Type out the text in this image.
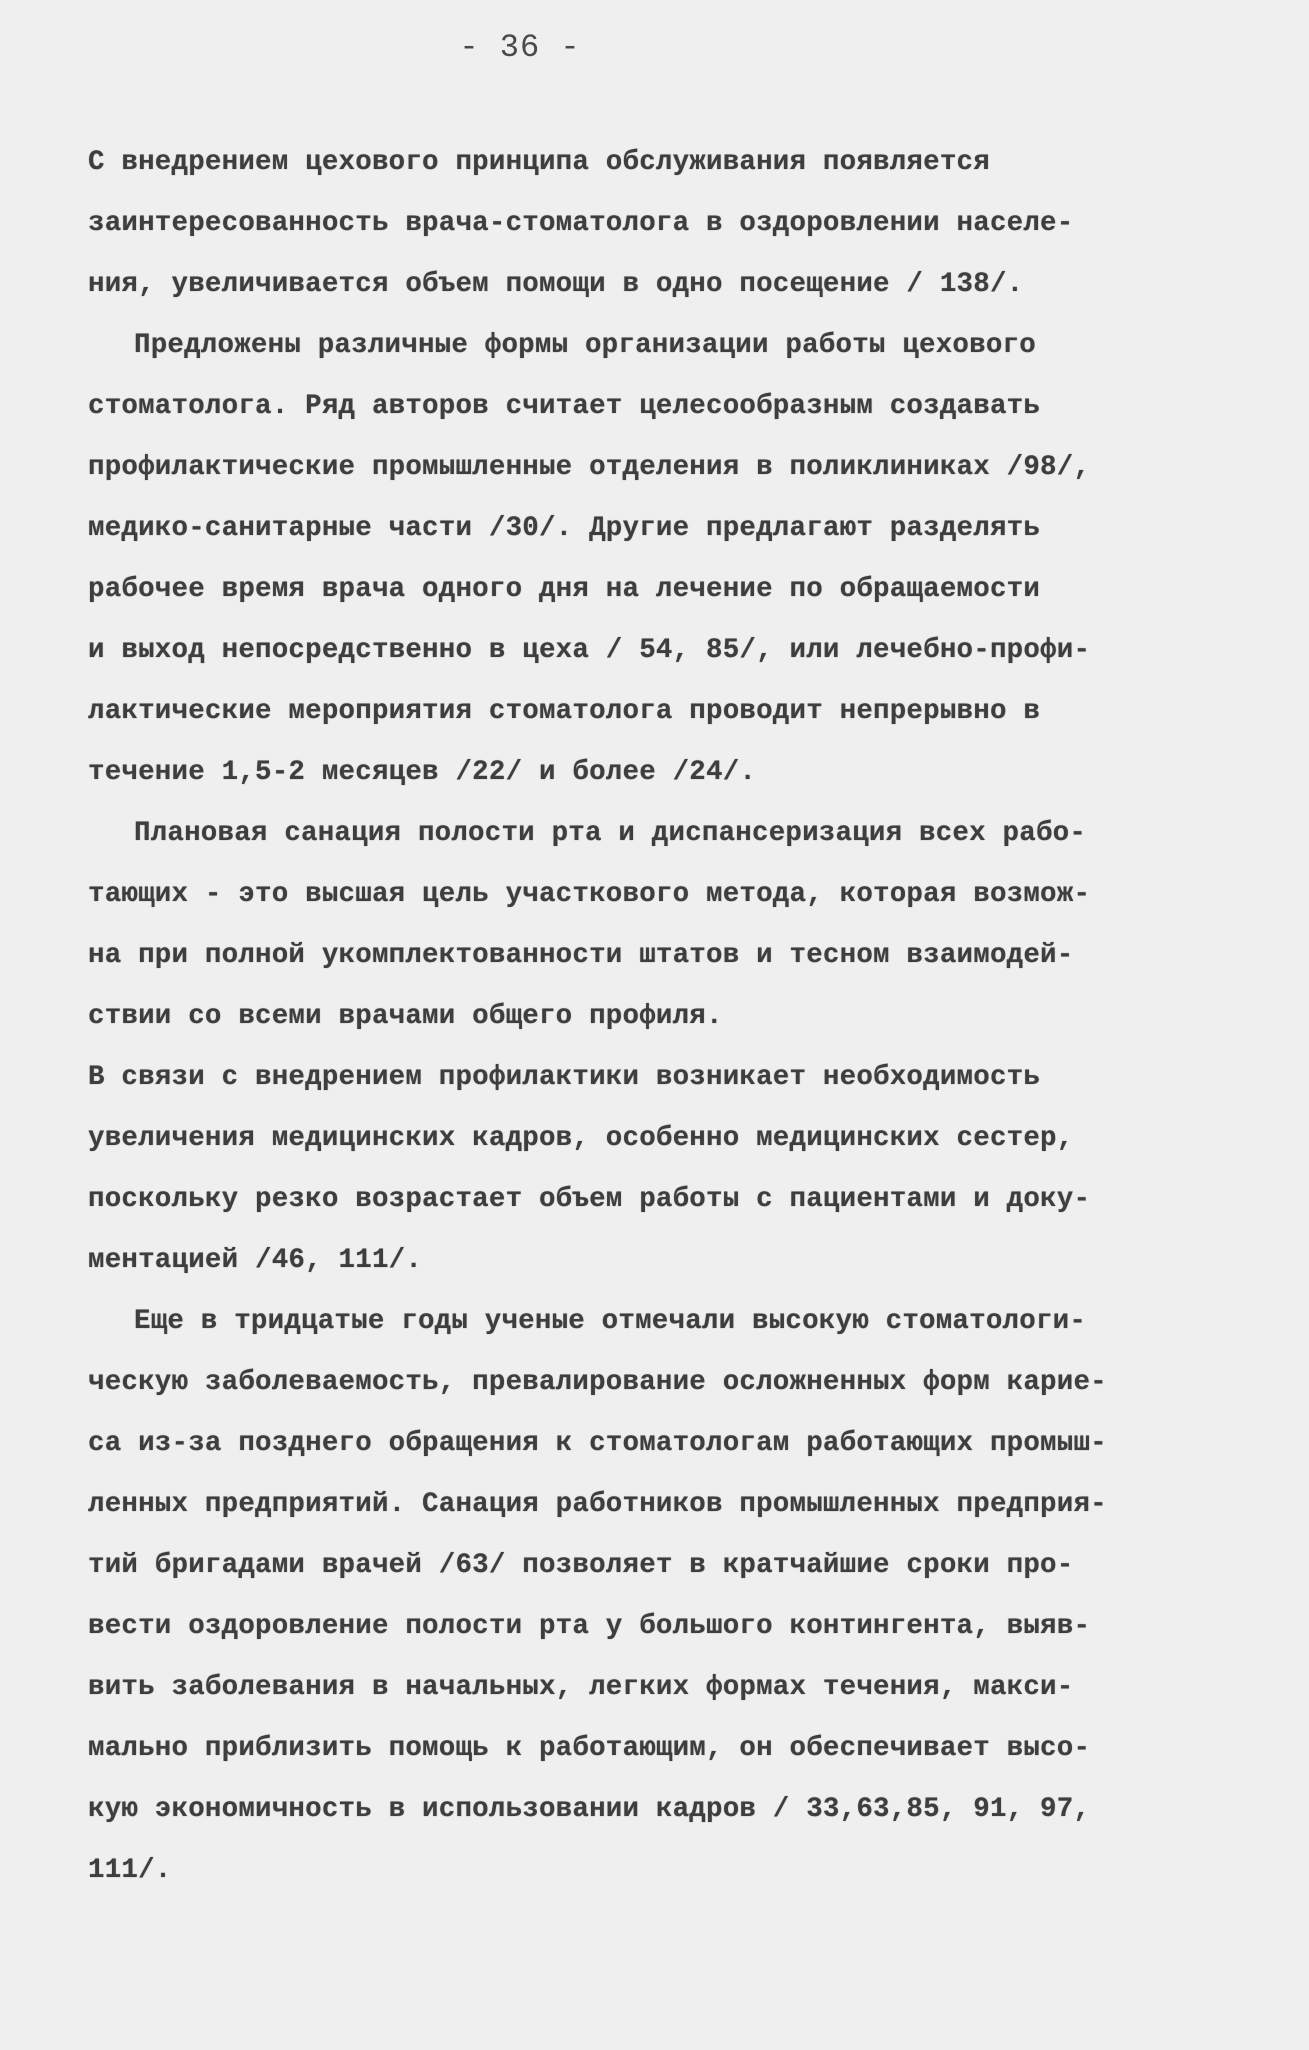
- 36 -
С внедрением цехового принципа обслуживания появляется
заинтересованность врача-стоматолога в оздоровлении населе-
ния, увеличивается объем помощи в одно посещение / 138/.
Предложены различные формы организации работы цехового
стоматолога. Ряд авторов считает целесообразным создавать
профилактические промышленные отделения в поликлиниках /98/,
медико-санитарные части /30/. Другие предлагают разделять
рабочее время врача одного дня на лечение по обращаемости
и выход непосредственно в цеха / 54, 85/, или лечебно-профи-
лактические мероприятия стоматолога проводит непрерывно в
течение 1,5-2 месяцев /22/ и более /24/.
Плановая санация полости рта и диспансеризация всех рабо-
тающих - это высшая цель участкового метода, которая возмож-
на при полной укомплектованности штатов и тесном взаимодей-
ствии со всеми врачами общего профиля.
В связи с внедрением профилактики возникает необходимость
увеличения медицинских кадров, особенно медицинских сестер,
поскольку резко возрастает объем работы с пациентами и доку-
ментацией /46, 111/.
Еще в тридцатые годы ученые отмечали высокую стоматологи-
ческую заболеваемость, превалирование осложненных форм карие-
са из-за позднего обращения к стоматологам работающих промыш-
ленных предприятий. Санация работников промышленных предприя-
тий бригадами врачей /63/ позволяет в кратчайшие сроки про-
вести оздоровление полости рта у большого контингента, выяв-
вить заболевания в начальных, легких формах течения, макси-
мально приблизить помощь к работающим, он обеспечивает высо-
кую экономичность в использовании кадров / 33,63,85, 91, 97,
111/.
